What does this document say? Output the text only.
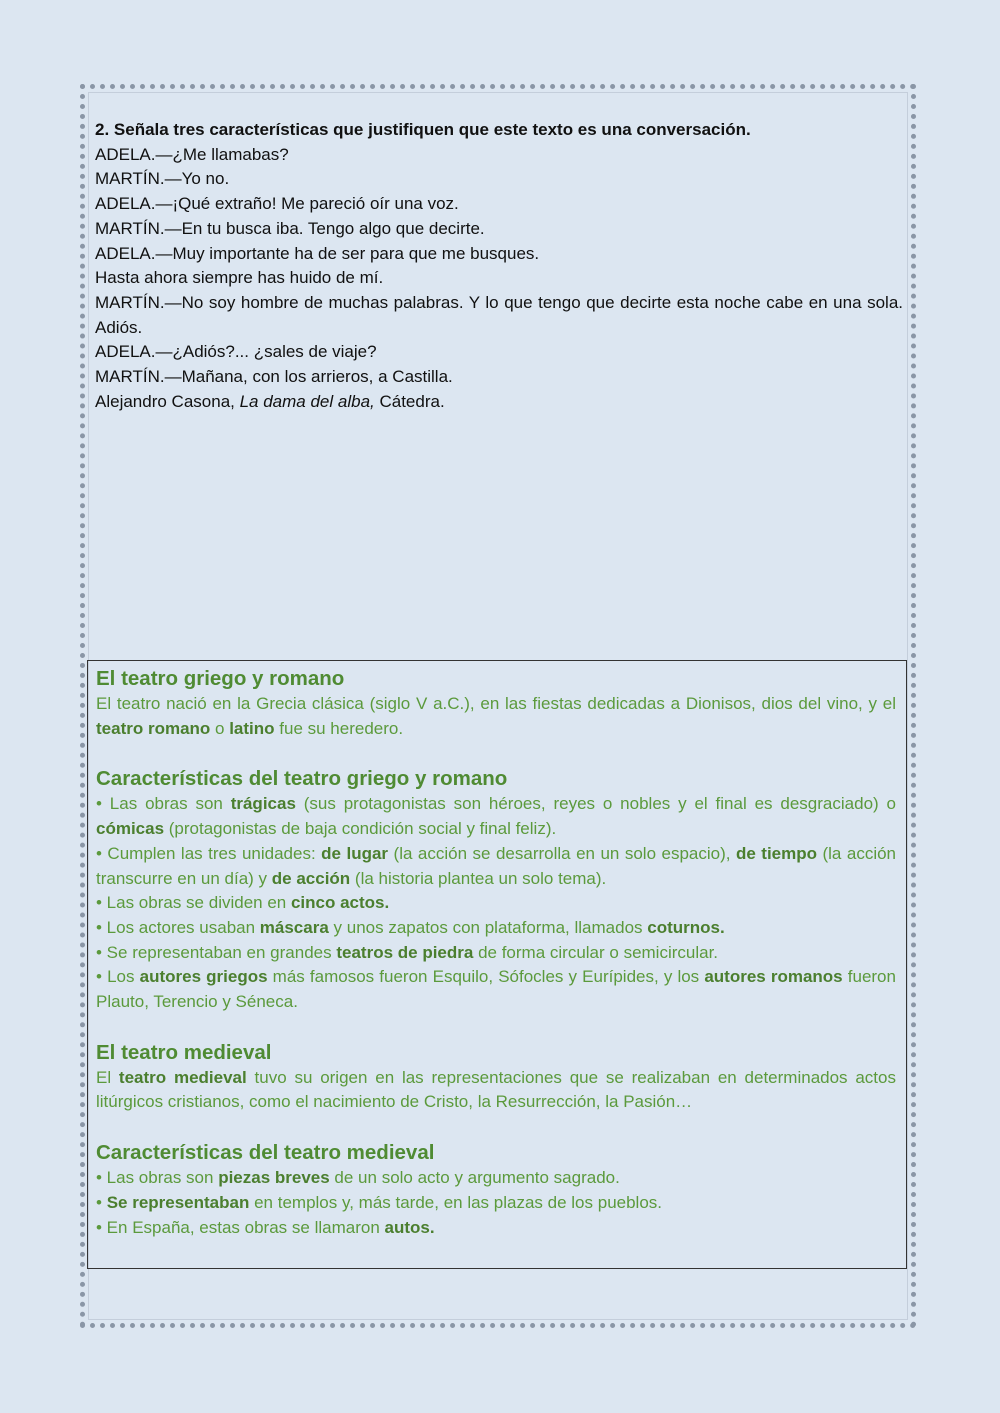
2. Señala tres características que justifiquen que este texto es una conversación.

ADELA.—¿Me llamabas?

MARTÍN.—Yo no.

ADELA.—¡Qué extraño! Me pareció oír una voz.

MARTÍN.—En tu busca iba. Tengo algo que decirte.

ADELA.—Muy importante ha de ser para que me busques.

Hasta ahora siempre has huido de mí.

MARTÍN.—No soy hombre de muchas palabras. Y lo que tengo que decirte esta noche cabe en una sola. Adiós.

ADELA.—¿Adiós?... ¿sales de viaje?

MARTÍN.—Mañana, con los arrieros, a Castilla.

Alejandro Casona, La dama del alba, Cátedra.

El teatro griego y romano

El teatro nació en la Grecia clásica (siglo V a.C.), en las fiestas dedicadas a Dionisos, dios del vino, y el teatro romano o latino fue su heredero.

Características del teatro griego y romano

• Las obras son trágicas (sus protagonistas son héroes, reyes o nobles y el final es desgraciado) o cómicas (protagonistas de baja condición social y final feliz).

• Cumplen las tres unidades: de lugar (la acción se desarrolla en un solo espacio), de tiempo (la acción transcurre en un día) y de acción (la historia plantea un solo tema).

• Las obras se dividen en cinco actos.

• Los actores usaban máscara y unos zapatos con plataforma, llamados coturnos.

• Se representaban en grandes teatros de piedra de forma circular o semicircular.

• Los autores griegos más famosos fueron Esquilo, Sófocles y Eurípides, y los autores romanos fueron Plauto, Terencio y Séneca.

El teatro medieval

El teatro medieval tuvo su origen en las representaciones que se realizaban en determinados actos litúrgicos cristianos, como el nacimiento de Cristo, la Resurrección, la Pasión…

Características del teatro medieval

• Las obras son piezas breves de un solo acto y argumento sagrado.

• Se representaban en templos y, más tarde, en las plazas de los pueblos.

• En España, estas obras se llamaron autos.
